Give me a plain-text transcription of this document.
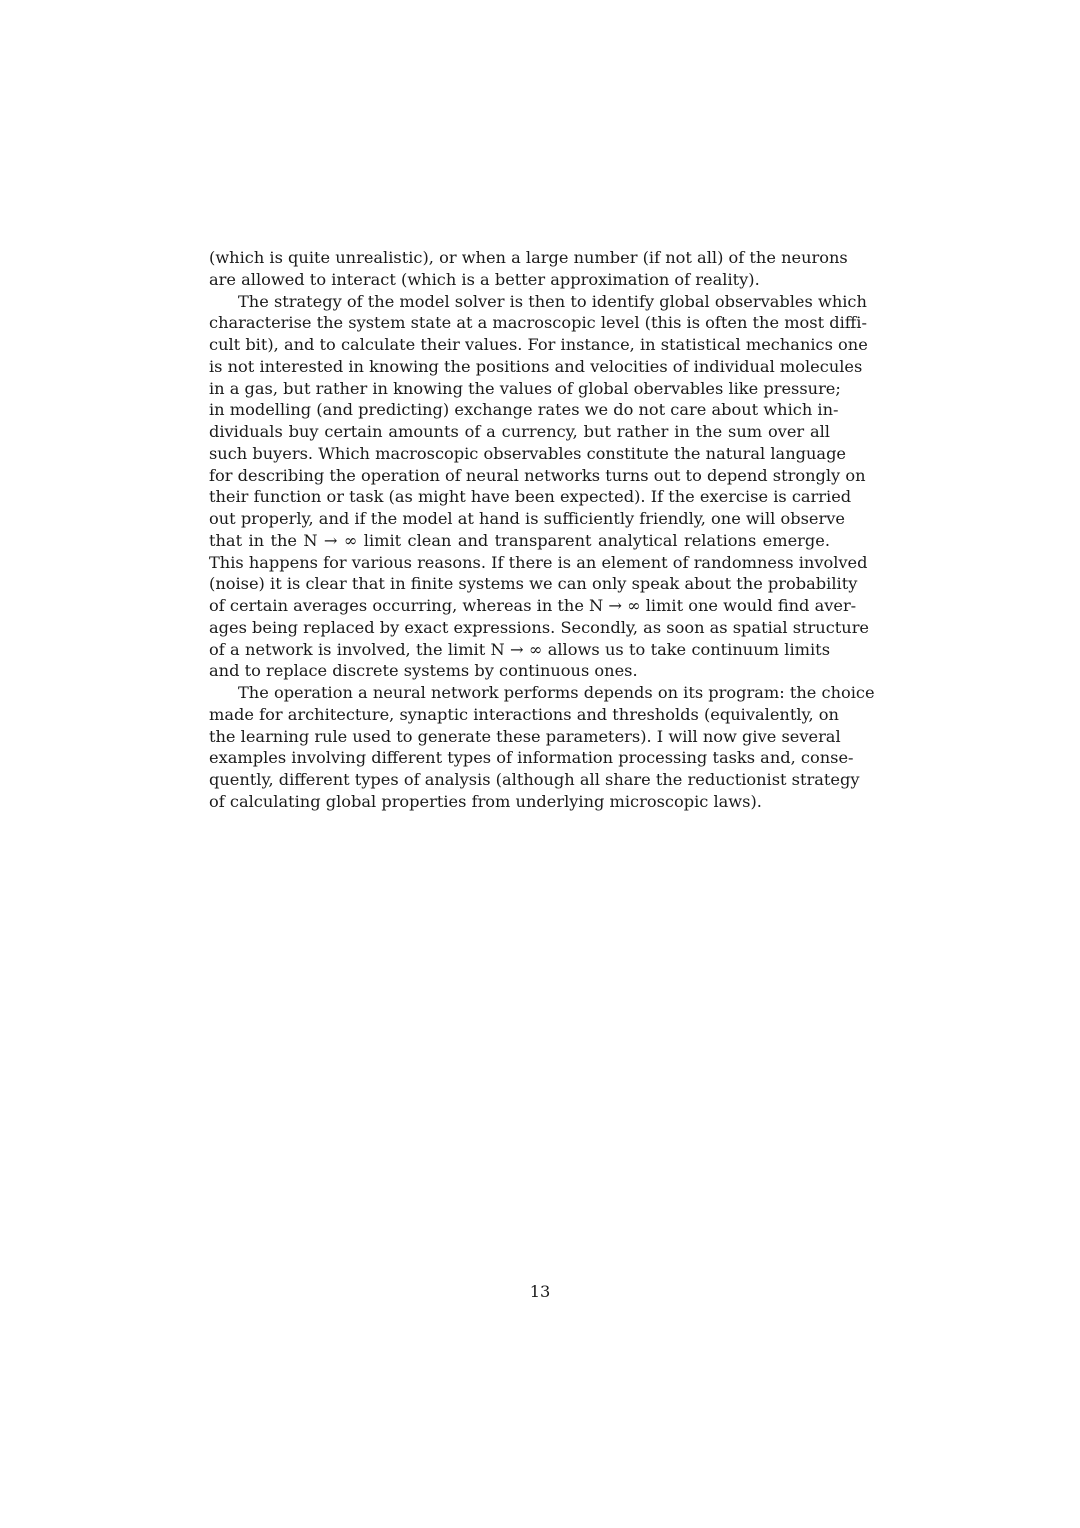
(which is quite unrealistic), or when a large number (if not all) of the neurons
are allowed to interact (which is a better approximation of reality).
The strategy of the model solver is then to identify global observables which
characterise the system state at a macroscopic level (this is often the most diffi-
cult bit), and to calculate their values. For instance, in statistical mechanics one
is not interested in knowing the positions and velocities of individual molecules
in a gas, but rather in knowing the values of global obervables like pressure;
in modelling (and predicting) exchange rates we do not care about which in-
dividuals buy certain amounts of a currency, but rather in the sum over all
such buyers. Which macroscopic observables constitute the natural language
for describing the operation of neural networks turns out to depend strongly on
their function or task (as might have been expected). If the exercise is carried
out properly, and if the model at hand is sufficiently friendly, one will observe
that in the N → ∞ limit clean and transparent analytical relations emerge.
This happens for various reasons. If there is an element of randomness involved
(noise) it is clear that in finite systems we can only speak about the probability
of certain averages occurring, whereas in the N → ∞ limit one would find aver-
ages being replaced by exact expressions. Secondly, as soon as spatial structure
of a network is involved, the limit N → ∞ allows us to take continuum limits
and to replace discrete systems by continuous ones.
The operation a neural network performs depends on its program: the choice
made for architecture, synaptic interactions and thresholds (equivalently, on
the learning rule used to generate these parameters). I will now give several
examples involving different types of information processing tasks and, conse-
quently, different types of analysis (although all share the reductionist strategy
of calculating global properties from underlying microscopic laws).
13
